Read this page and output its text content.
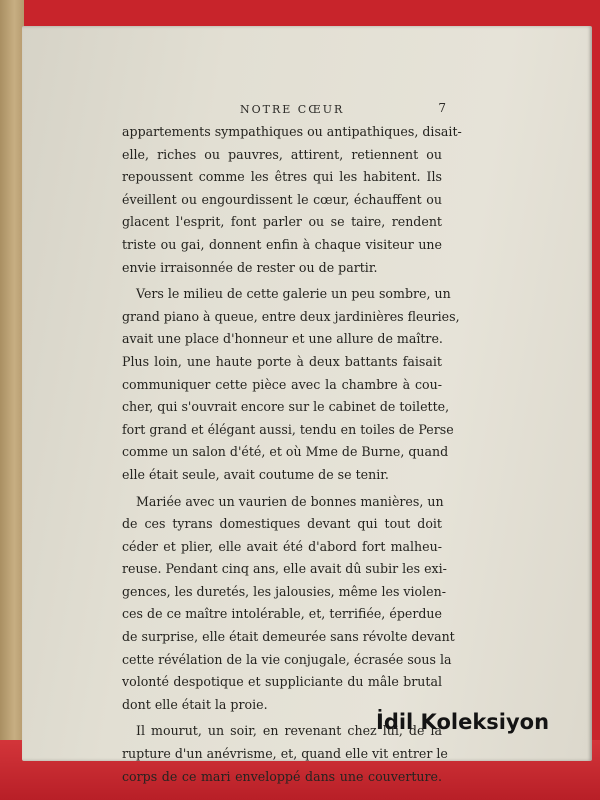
NOTRE CŒUR	7
appartements sympathiques ou antipathiques, disait-
elle, riches ou pauvres, attirent, retiennent ou
repoussent comme les êtres qui les habitent. Ils
éveillent ou engourdissent le cœur, échauffent ou
glacent l'esprit, font parler ou se taire, rendent
triste ou gai, donnent enfin à chaque visiteur une
envie irraisonnée de rester ou de partir.
Vers le milieu de cette galerie un peu sombre, un
grand piano à queue, entre deux jardinières fleuries,
avait une place d'honneur et une allure de maître.
Plus loin, une haute porte à deux battants faisait
communiquer cette pièce avec la chambre à cou-
cher, qui s'ouvrait encore sur le cabinet de toilette,
fort grand et élégant aussi, tendu en toiles de Perse
comme un salon d'été, et où Mme de Burne, quand
elle était seule, avait coutume de se tenir.
Mariée avec un vaurien de bonnes manières, un
de ces tyrans domestiques devant qui tout doit
céder et plier, elle avait été d'abord fort malheu-
reuse. Pendant cinq ans, elle avait dû subir les exi-
gences, les duretés, les jalousies, même les violen-
ces de ce maître intolérable, et, terrifiée, éperdue
de surprise, elle était demeurée sans révolte devant
cette révélation de la vie conjugale, écrasée sous la
volonté despotique et suppliciante du mâle brutal
dont elle était la proie.
Il mourut, un soir, en revenant chez lui, de la
rupture d'un anévrisme, et, quand elle vit entrer le
corps de ce mari enveloppé dans une couverture.
İdil Koleksiyon
